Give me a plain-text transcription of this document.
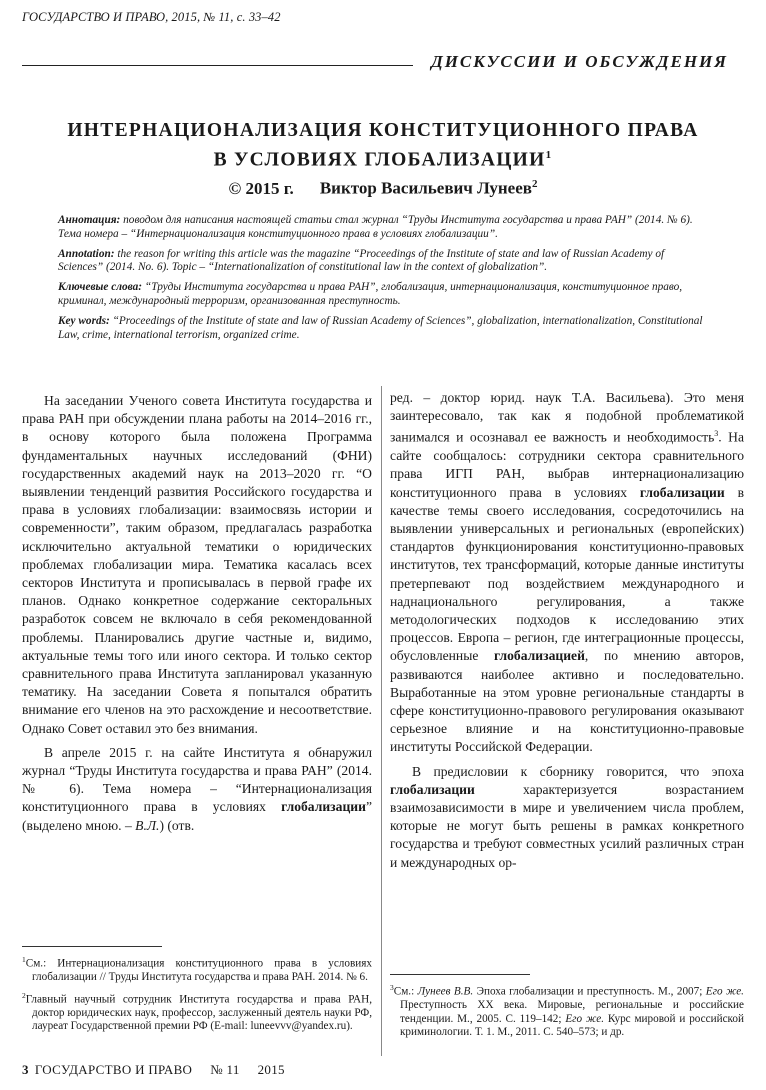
ГОСУДАРСТВО И ПРАВО, 2015, № 11, с. 33–42
ДИСКУССИИ И ОБСУЖДЕНИЯ
ИНТЕРНАЦИОНАЛИЗАЦИЯ КОНСТИТУЦИОННОГО ПРАВА
В УСЛОВИЯХ ГЛОБАЛИЗАЦИИ$^1$
© 2015 г. Виктор Васильевич Лунеев$^2$

Аннотация: поводом для написания настоящей статьи стал журнал “Труды Института государства и права РАН” (2014. № 6). Тема номера – “Интернационализация конституционного права в условиях глобализации”.

Annotation: the reason for writing this article was the magazine “Proceedings of the Institute of state and law of Russian Academy of Sciences” (2014. No. 6). Topic – “Internationalization of constitutional law in the context of globalization”.

Ключевые слова: “Труды Института государства и права РАН”, глобализация, интернационализация, конституционное право, криминал, международный терроризм, организованная преступность.

Key words: “Proceedings of the Institute of state and law of Russian Academy of Sciences”, globalization, internationalization, Constitutional Law, crime, international terrorism, organized crime.

На заседании Ученого совета Института государства и права РАН при обсуждении плана работы на 2014–2016 гг., в основу которого была положена Программа фундаментальных научных исследований (ФНИ) государственных академий наук на 2013–2020 гг. “О выявлении тенденций развития Российского государства и права в условиях глобализации: взаимосвязь истории и современности”, таким образом, предлагалась разработка исключительно актуальной тематики о юридических проблемах глобализации мира. Тематика касалась всех секторов Института и прописывалась в первой графе их планов. Однако конкретное содержание секторальных разработок совсем не включало в себя рекомендованной проблемы. Планировались другие частные и, видимо, актуальные темы того или иного сектора. И только сектор сравнительного права Института запланировал указанную тематику. На заседании Совета я попытался обратить внимание его членов на это расхождение и несоответствие. Однако Совет оставил это без внимания.

В апреле 2015 г. на сайте Института я обнаружил журнал “Труды Института государства и права РАН” (2014. № 6). Тема номера – “Интернационализация конституционного права в условиях глобализации” (выделено мною. – В.Л.) (отв.

ред. – доктор юрид. наук Т.А. Васильева). Это меня заинтересовало, так как я подобной проблематикой занимался и осознавал ее важность и необходимость$^3$. На сайте сообщалось: сотрудники сектора сравнительного права ИГП РАН, выбрав интернационализацию конституционного права в условиях глобализации в качестве темы своего исследования, сосредоточились на выявлении универсальных и региональных (европейских) стандартов функционирования конституционно-правовых институтов, тех трансформаций, которые данные институты претерпевают под воздействием международного и наднационального регулирования, а также методологических подходов к исследованию этих процессов. Европа – регион, где интеграционные процессы, обусловленные глобализацией, по мнению авторов, развиваются наиболее активно и последовательно. Выработанные на этом уровне региональные стандарты в сфере конституционно-правового регулирования оказывают серьезное влияние и на конституционно-правовые институты Российской Федерации.

В предисловии к сборнику говорится, что эпоха глобализации характеризуется возрастанием взаимозависимости в мире и увеличением числа проблем, которые не могут быть решены в рамках конкретного государства и требуют совместных усилий различных стран и международных ор-

$^1$См.: Интернационализация конституционного права в условиях глобализации // Труды Института государства и права РАН. 2014. № 6.

$^2$Главный научный сотрудник Института государства и права РАН, доктор юридических наук, профессор, заслуженный деятель науки РФ, лауреат Государственной премии РФ (E-mail: luneevvv@yandex.ru).

$^3$См.: Лунеев В.В. Эпоха глобализации и преступность. М., 2007; Его же. Преступность XX века. Мировые, региональные и российские тенденции. М., 2005. С. 119–142; Его же. Курс мировой и российской криминологии. Т. 1. М., 2011. С. 540–573; и др.

3 ГОСУДАРСТВО И ПРАВО № 11 2015
